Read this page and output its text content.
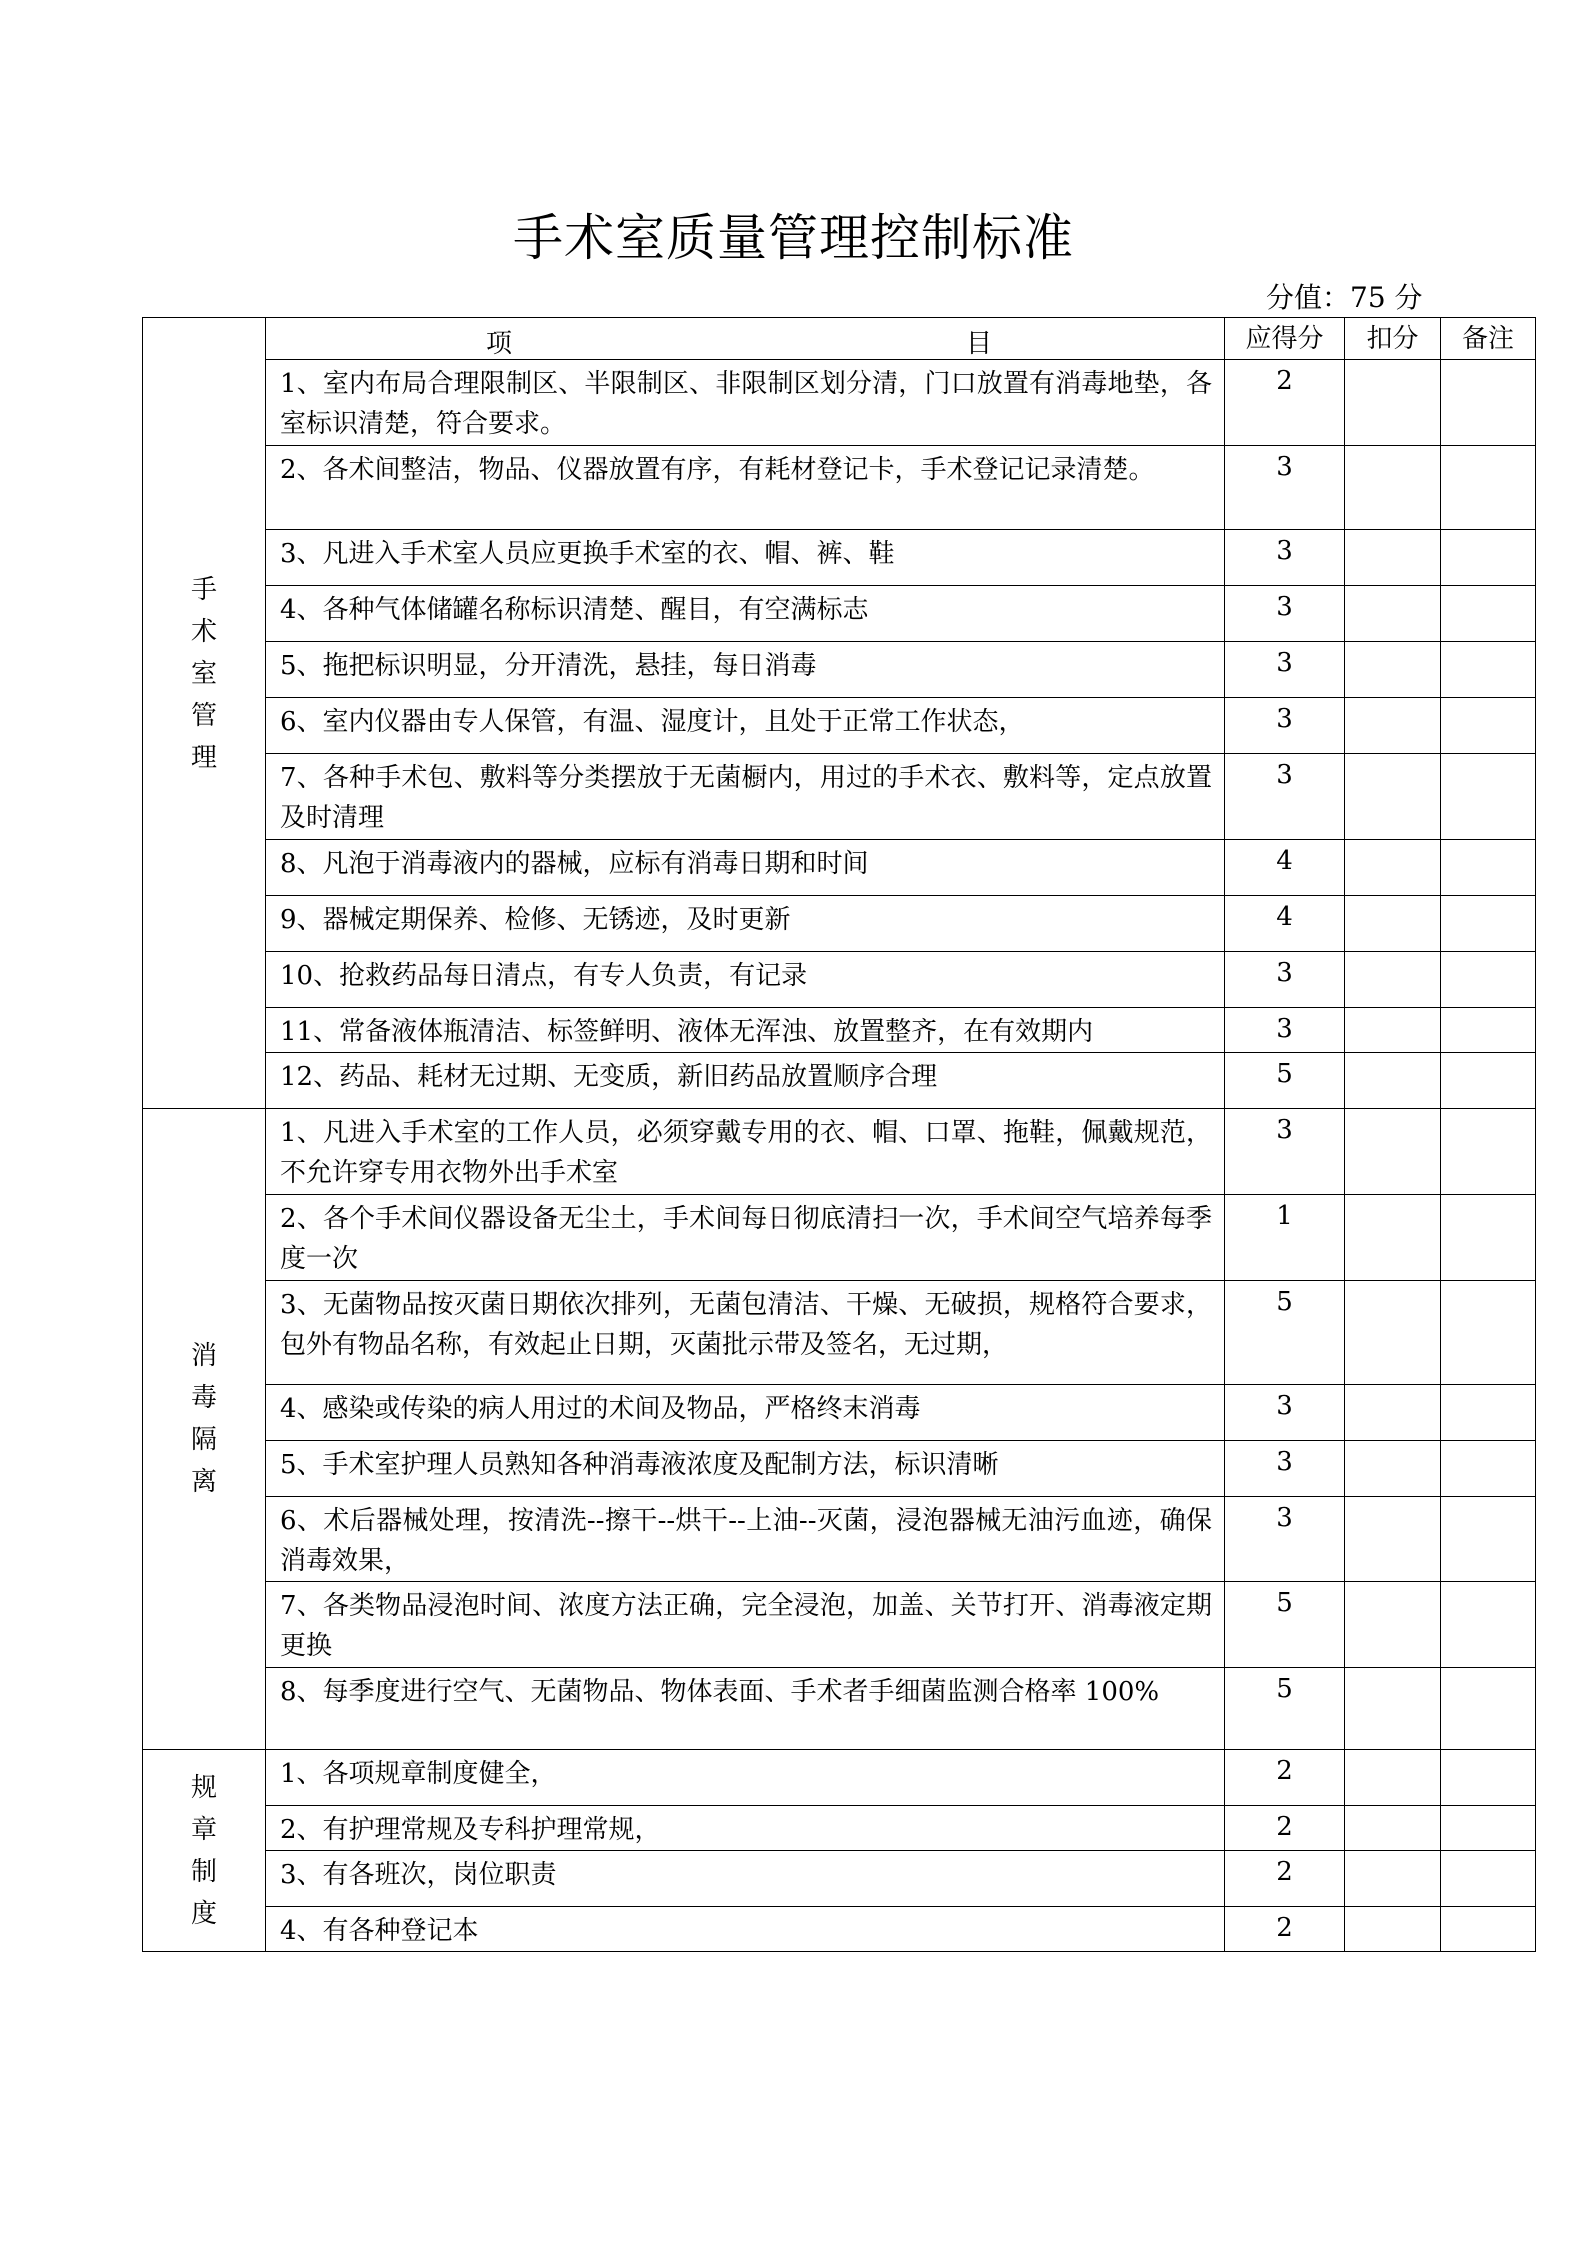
手术室质量管理控制标准
分值：75 分

	项 目	应得分	扣分	备注
手术室管理	1、室内布局合理限制区、半限制区、非限制区划分清，门口放置有消毒地垫，各室标识清楚，符合要求。	2		
	2、各术间整洁，物品、仪器放置有序，有耗材登记卡，手术登记记录清楚。	3		
	3、凡进入手术室人员应更换手术室的衣、帽、裤、鞋	3		
	4、各种气体储罐名称标识清楚、醒目，有空满标志	3		
	5、拖把标识明显，分开清洗，悬挂，每日消毒	3		
	6、室内仪器由专人保管，有温、湿度计，且处于正常工作状态，	3		
	7、各种手术包、敷料等分类摆放于无菌橱内，用过的手术衣、敷料等，定点放置及时清理	3		
	8、凡泡于消毒液内的器械，应标有消毒日期和时间	4		
	9、器械定期保养、检修、无锈迹，及时更新	4		
	10、抢救药品每日清点，有专人负责，有记录	3		
	11、常备液体瓶清洁、标签鲜明、液体无浑浊、放置整齐，在有效期内	3		
	12、药品、耗材无过期、无变质，新旧药品放置顺序合理	5		
消毒隔离	1、凡进入手术室的工作人员，必须穿戴专用的衣、帽、口罩、拖鞋，佩戴规范，不允许穿专用衣物外出手术室	3		
	2、各个手术间仪器设备无尘土，手术间每日彻底清扫一次，手术间空气培养每季度一次	1		
	3、无菌物品按灭菌日期依次排列，无菌包清洁、干燥、无破损，规格符合要求，包外有物品名称，有效起止日期，灭菌批示带及签名，无过期，	5		
	4、感染或传染的病人用过的术间及物品，严格终末消毒	3		
	5、手术室护理人员熟知各种消毒液浓度及配制方法，标识清晰	3		
	6、术后器械处理，按清洗--擦干--烘干--上油--灭菌，浸泡器械无油污血迹，确保消毒效果，	3		
	7、各类物品浸泡时间、浓度方法正确，完全浸泡，加盖、关节打开、消毒液定期更换	5		
	8、每季度进行空气、无菌物品、物体表面、手术者手细菌监测合格率 100%	5		
规章制度	1、各项规章制度健全，	2		
	2、有护理常规及专科护理常规，	2		
	3、有各班次，岗位职责	2		
	4、有各种登记本	2		
